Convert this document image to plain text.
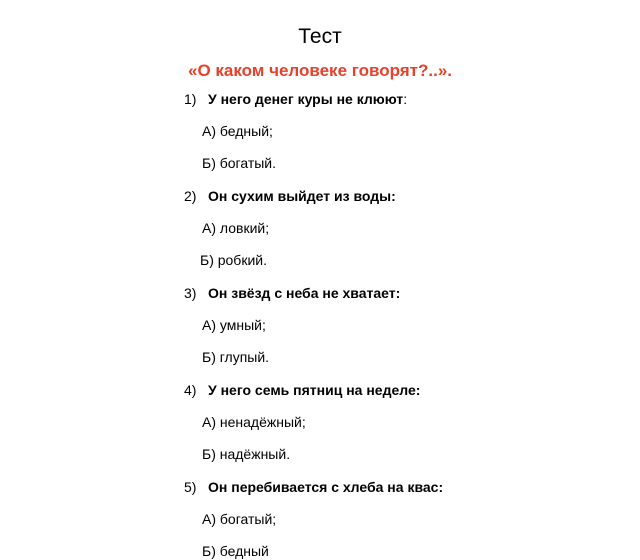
Тест
«О каком человеке говорят?..».
1) У него денег куры не клюют:
А) бедный;
Б) богатый.
2) Он сухим выйдет из воды:
А) ловкий;
Б) робкий.
3) Он звёзд с неба не хватает:
А) умный;
Б) глупый.
4) У него семь пятниц на неделе:
А) ненадёжный;
Б) надёжный.
5) Он перебивается с хлеба на квас:
А) богатый;
Б) бедный
